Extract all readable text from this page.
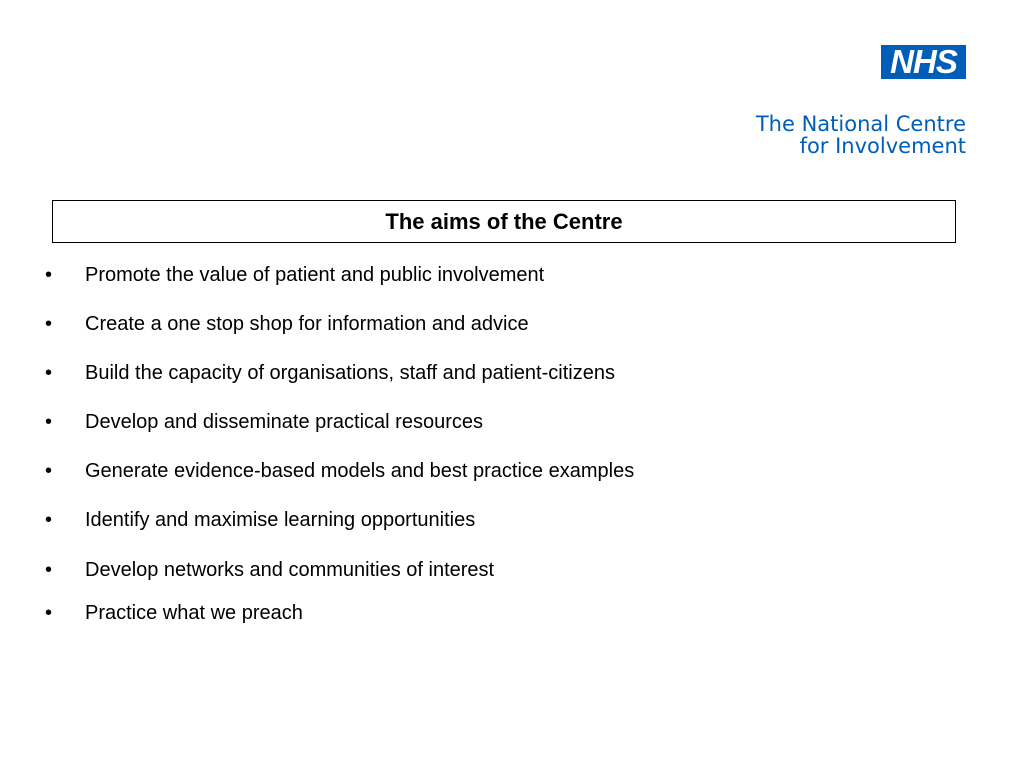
NHS
The National Centre
for Involvement
The aims of the Centre
• Promote the value of patient and public involvement
• Create a one stop shop for information and advice
• Build the capacity of organisations, staff and patient-citizens
• Develop and disseminate practical resources
• Generate evidence-based models and best practice examples
• Identify and maximise learning opportunities
• Develop networks and communities of interest
• Practice what we preach
